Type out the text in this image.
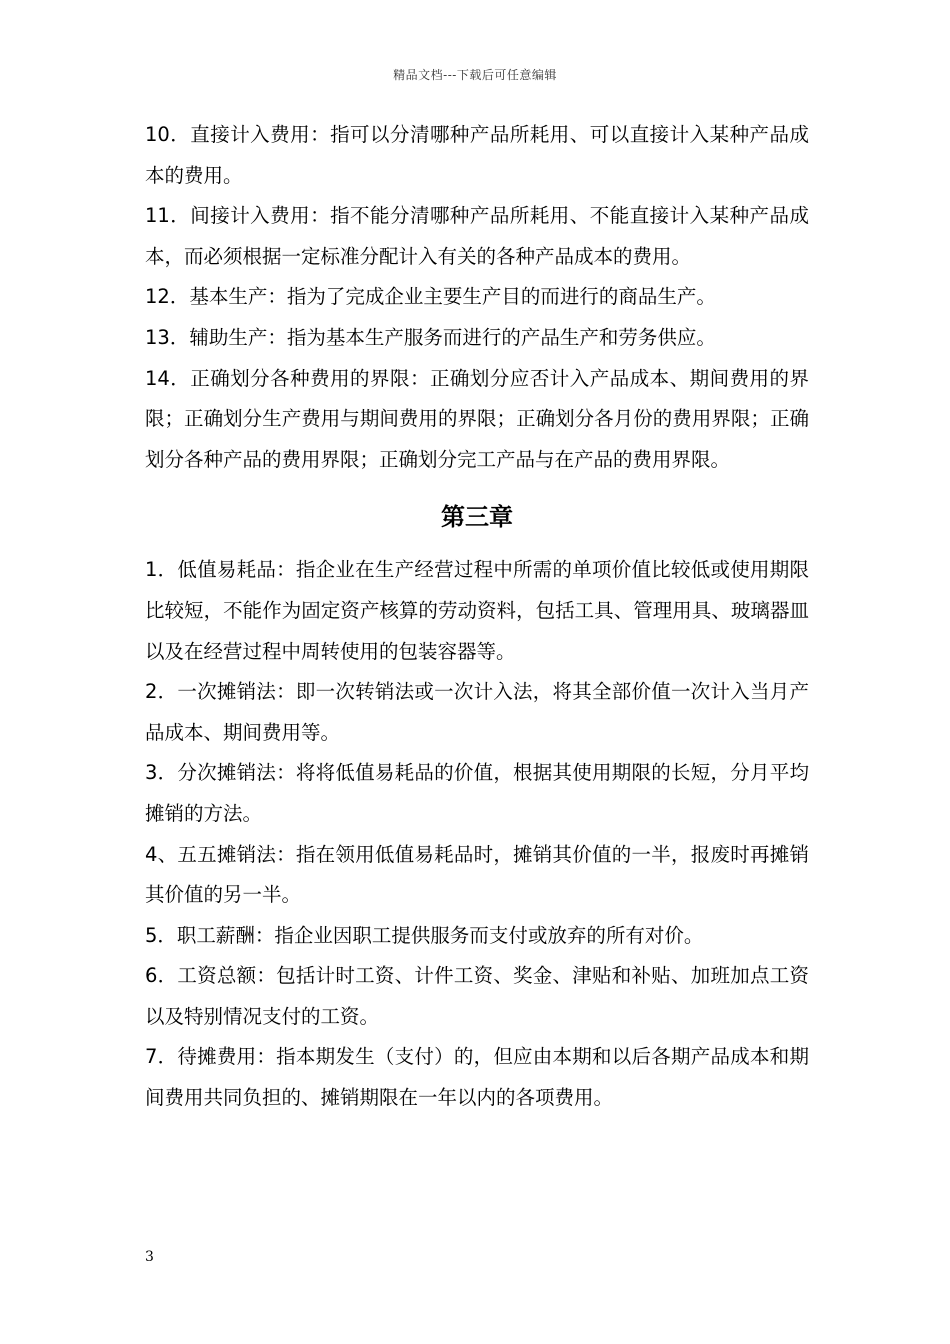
精品文档---下载后可任意编辑

10．直接计入费用：指可以分清哪种产品所耗用、可以直接计入某种产品成本的费用。

11．间接计入费用：指不能分清哪种产品所耗用、不能直接计入某种产品成本，而必须根据一定标准分配计入有关的各种产品成本的费用。

12．基本生产：指为了完成企业主要生产目的而进行的商品生产。

13．辅助生产：指为基本生产服务而进行的产品生产和劳务供应。

14．正确划分各种费用的界限：正确划分应否计入产品成本、期间费用的界限；正确划分生产费用与期间费用的界限；正确划分各月份的费用界限；正确划分各种产品的费用界限；正确划分完工产品与在产品的费用界限。

第三章

1．低值易耗品：指企业在生产经营过程中所需的单项价值比较低或使用期限比较短，不能作为固定资产核算的劳动资料，包括工具、管理用具、玻璃器皿以及在经营过程中周转使用的包装容器等。

2．一次摊销法：即一次转销法或一次计入法，将其全部价值一次计入当月产品成本、期间费用等。

3．分次摊销法：将将低值易耗品的价值，根据其使用期限的长短，分月平均摊销的方法。

4、五五摊销法：指在领用低值易耗品时，摊销其价值的一半，报废时再摊销其价值的另一半。

5．职工薪酬：指企业因职工提供服务而支付或放弃的所有对价。

6．工资总额：包括计时工资、计件工资、奖金、津贴和补贴、加班加点工资以及特别情况支付的工资。

7．待摊费用：指本期发生（支付）的，但应由本期和以后各期产品成本和期间费用共同负担的、摊销期限在一年以内的各项费用。

3
